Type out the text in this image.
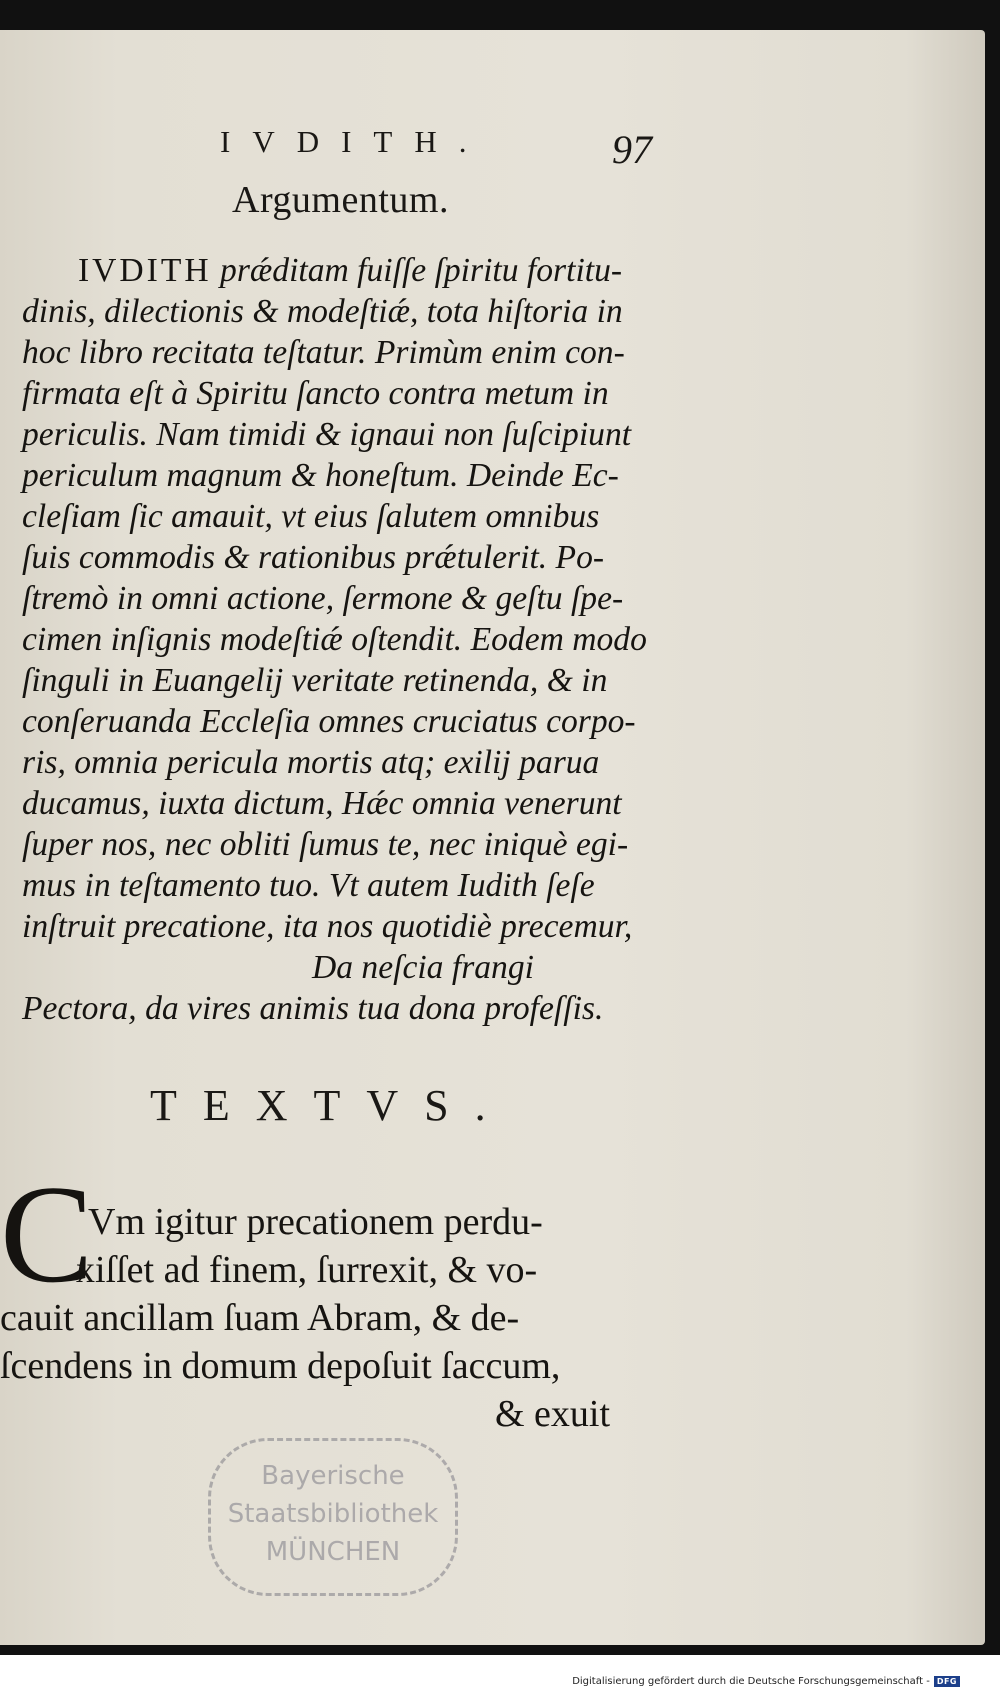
IVDITH.	97
Argumentum.
IVDITH prǽditam fuiſſe ſpiritu fortitu-
dinis, dilectionis & modeſtiǽ, tota hiſtoria in
hoc libro recitata teſtatur. Primùm enim con-
firmata eſt à Spiritu ſancto contra metum in
periculis. Nam timidi & ignaui non ſuſcipiunt
periculum magnum & honeſtum. Deinde Ec-
cleſiam ſic amauit, vt eius ſalutem omnibus
ſuis commodis & rationibus prǽtulerit. Po-
ſtremò in omni actione, ſermone & geſtu ſpe-
cimen inſignis modeſtiǽ oſtendit. Eodem modo
ſinguli in Euangelij veritate retinenda, & in
conſeruanda Eccleſia omnes cruciatus corpo-
ris, omnia pericula mortis atq; exilij parua
ducamus, iuxta dictum, Hǽc omnia venerunt
ſuper nos, nec obliti ſumus te, nec iniquè egi-
mus in teſtamento tuo. Vt autem Iudith ſeſe
inſtruit precatione, ita nos quotidiè precemur,
Da neſcia frangi
Pectora, da vires animis tua dona profeſſis.
TEXTVS.
C
Vm igitur precationem perdu-
xiſſet ad finem, ſurrexit, & vo-
cauit ancillam ſuam Abram, & de-
ſcendens in domum depoſuit ſaccum,
& exuit
Bayerische
Staatsbibliothek
MÜNCHEN
Digitalisierung gefördert durch die Deutsche Forschungsgemeinschaft - DFG
